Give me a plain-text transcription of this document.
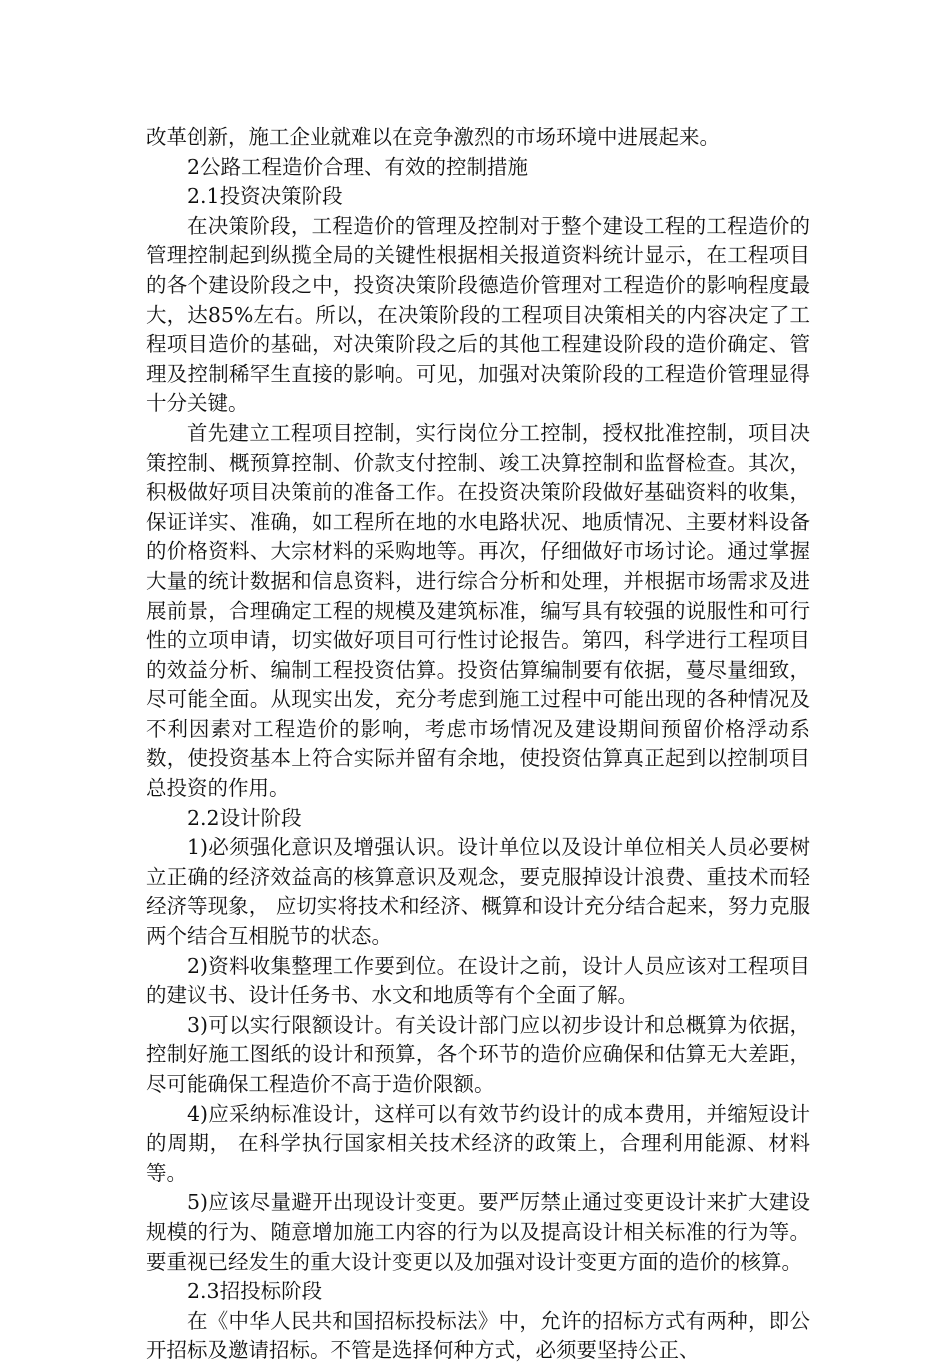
改革创新，施工企业就难以在竞争激烈的市场环境中进展起来。

2公路工程造价合理、有效的控制措施

2.1投资决策阶段

在决策阶段，工程造价的管理及控制对于整个建设工程的工程造价的管理控制起到纵揽全局的关键性根据相关报道资料统计显示，在工程项目的各个建设阶段之中，投资决策阶段德造价管理对工程造价的影响程度最大，达85%左右。所以，在决策阶段的工程项目决策相关的内容决定了工程项目造价的基础，对决策阶段之后的其他工程建设阶段的造价确定、管理及控制稀罕生直接的影响。可见，加强对决策阶段的工程造价管理显得十分关键。

首先建立工程项目控制，实行岗位分工控制，授权批准控制，项目决策控制、概预算控制、价款支付控制、竣工决算控制和监督检查。其次，积极做好项目决策前的准备工作。在投资决策阶段做好基础资料的收集，保证详实、准确，如工程所在地的水电路状况、地质情况、主要材料设备的价格资料、大宗材料的采购地等。再次，仔细做好市场讨论。通过掌握大量的统计数据和信息资料，进行综合分析和处理，并根据市场需求及进展前景，合理确定工程的规模及建筑标准，编写具有较强的说服性和可行性的立项申请，切实做好项目可行性讨论报告。第四，科学进行工程项目的效益分析、编制工程投资估算。投资估算编制要有依据，蔓尽量细致，尽可能全面。从现实出发，充分考虑到施工过程中可能出现的各种情况及不利因素对工程造价的影响，考虑市场情况及建设期间预留价格浮动系数，使投资基本上符合实际并留有余地，使投资估算真正起到以控制项目总投资的作用。

2.2设计阶段

1)必须强化意识及增强认识。设计单位以及设计单位相关人员必要树立正确的经济效益高的核算意识及观念，要克服掉设计浪费、重技术而轻经济等现象， 应切实将技术和经济、概算和设计充分结合起来，努力克服两个结合互相脱节的状态。

2)资料收集整理工作要到位。在设计之前，设计人员应该对工程项目的建议书、设计任务书、水文和地质等有个全面了解。

3)可以实行限额设计。有关设计部门应以初步设计和总概算为依据，控制好施工图纸的设计和预算，各个环节的造价应确保和估算无大差距，尽可能确保工程造价不高于造价限额。

4)应采纳标准设计，这样可以有效节约设计的成本费用，并缩短设计的周期， 在科学执行国家相关技术经济的政策上，合理利用能源、材料等。

5)应该尽量避开出现设计变更。要严厉禁止通过变更设计来扩大建设规模的行为、随意增加施工内容的行为以及提高设计相关标准的行为等。要重视已经发生的重大设计变更以及加强对设计变更方面的造价的核算。

2.3招投标阶段

在《中华人民共和国招标投标法》中，允许的招标方式有两种，即公开招标及邀请招标。不管是选择何种方式，必须要坚持公正、
